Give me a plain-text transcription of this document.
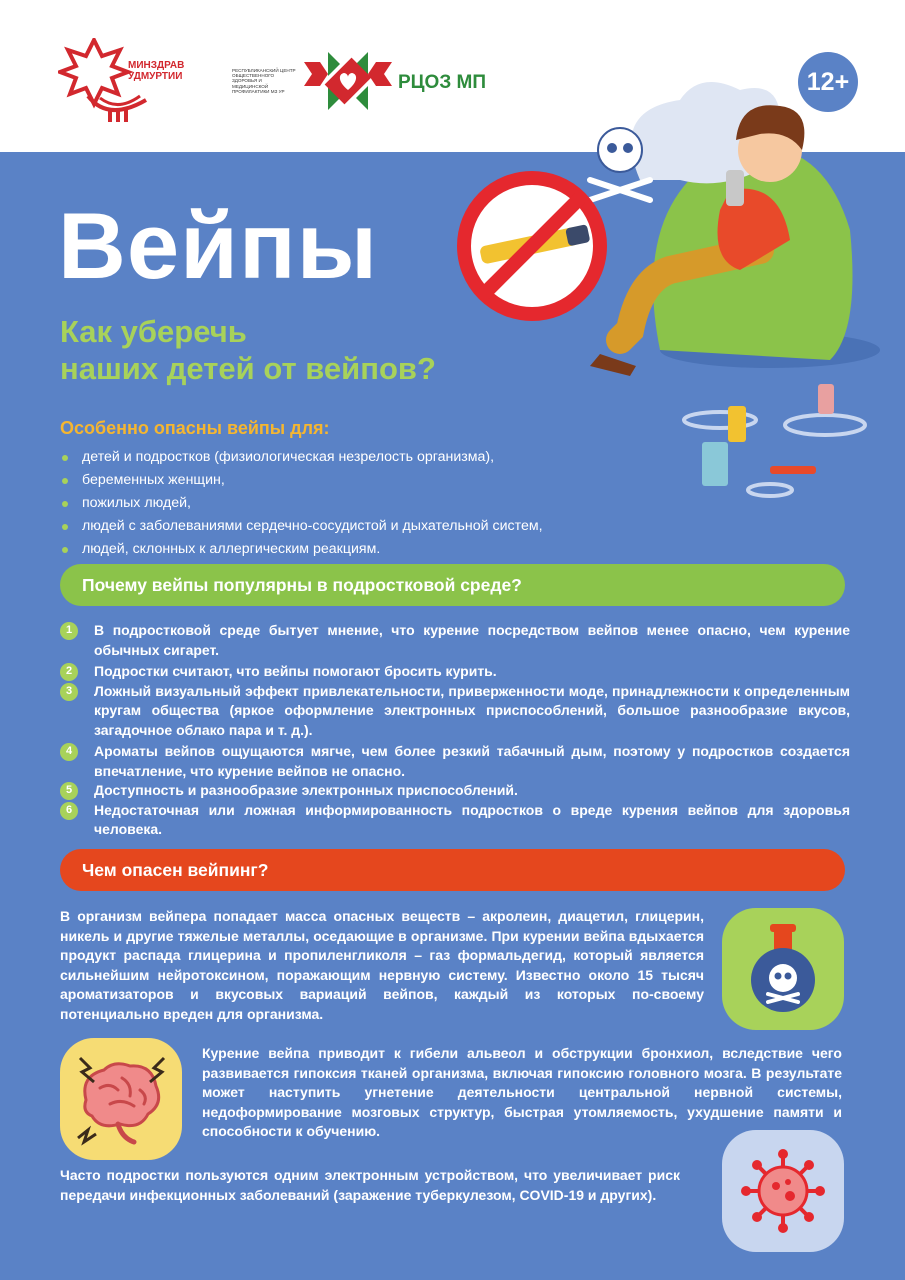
МИНЗДРАВ
УДМУРТИИ
РЕСПУБЛИКАНСКИЙ ЦЕНТР ОБЩЕСТВЕННОГО ЗДОРОВЬЯ И МЕДИЦИНСКОЙ ПРОФИЛАКТИКИ МЗ УР	РЦОЗ МП	12+
Вейпы
Как уберечь
наших детей от вейпов?
Особенно опасны вейпы для:
детей и подростков (физиологическая незрелость организма),
беременных женщин,
пожилых людей,
людей с заболеваниями сердечно-сосудистой и дыхательной систем,
людей, склонных к аллергическим реакциям.
Почему вейпы популярны в подростковой среде?
1	В подростковой среде бытует мнение, что курение посредством вейпов менее опасно, чем курение обычных сигарет.
2	Подростки считают, что вейпы помогают бросить курить.
3	Ложный визуальный эффект привлекательности, приверженности моде, принадлежности к определенным кругам общества (яркое оформление электронных приспособлений, большое разнообразие вкусов, загадочное облако пара и т. д.).
4	Ароматы вейпов ощущаются мягче, чем более резкий табачный дым, поэтому у подростков создается впечатление, что курение вейпов не опасно.
5	Доступность и разнообразие электронных приспособлений.
6	Недостаточная или ложная информированность подростков о вреде курения вейпов для здоровья человека.
Чем опасен вейпинг?

В организм вейпера попадает масса опасных веществ – акролеин, диацетил, глицерин, никель и другие тяжелые металлы, оседающие в организме. При курении вейпа вдыхается продукт распада глицерина и пропиленгликоля – газ формальдегид, который является сильнейшим нейротоксином, поражающим нервную систему. Известно около 15 тысяч ароматизаторов и вкусовых вариаций вейпов, каждый из которых по-своему потенциально вреден для организма.

Курение вейпа приводит к гибели альвеол и обструкции бронхиол, вследствие чего развивается гипоксия тканей организма, включая гипоксию головного мозга. В результате может наступить угнетение деятельности центральной нервной системы, недоформирование мозговых структур, быстрая утомляемость, ухудшение памяти и способности к обучению.

Часто подростки пользуются одним электронным устройством, что увеличивает риск передачи инфекционных заболеваний (заражение туберкулезом, COVID-19 и других).
